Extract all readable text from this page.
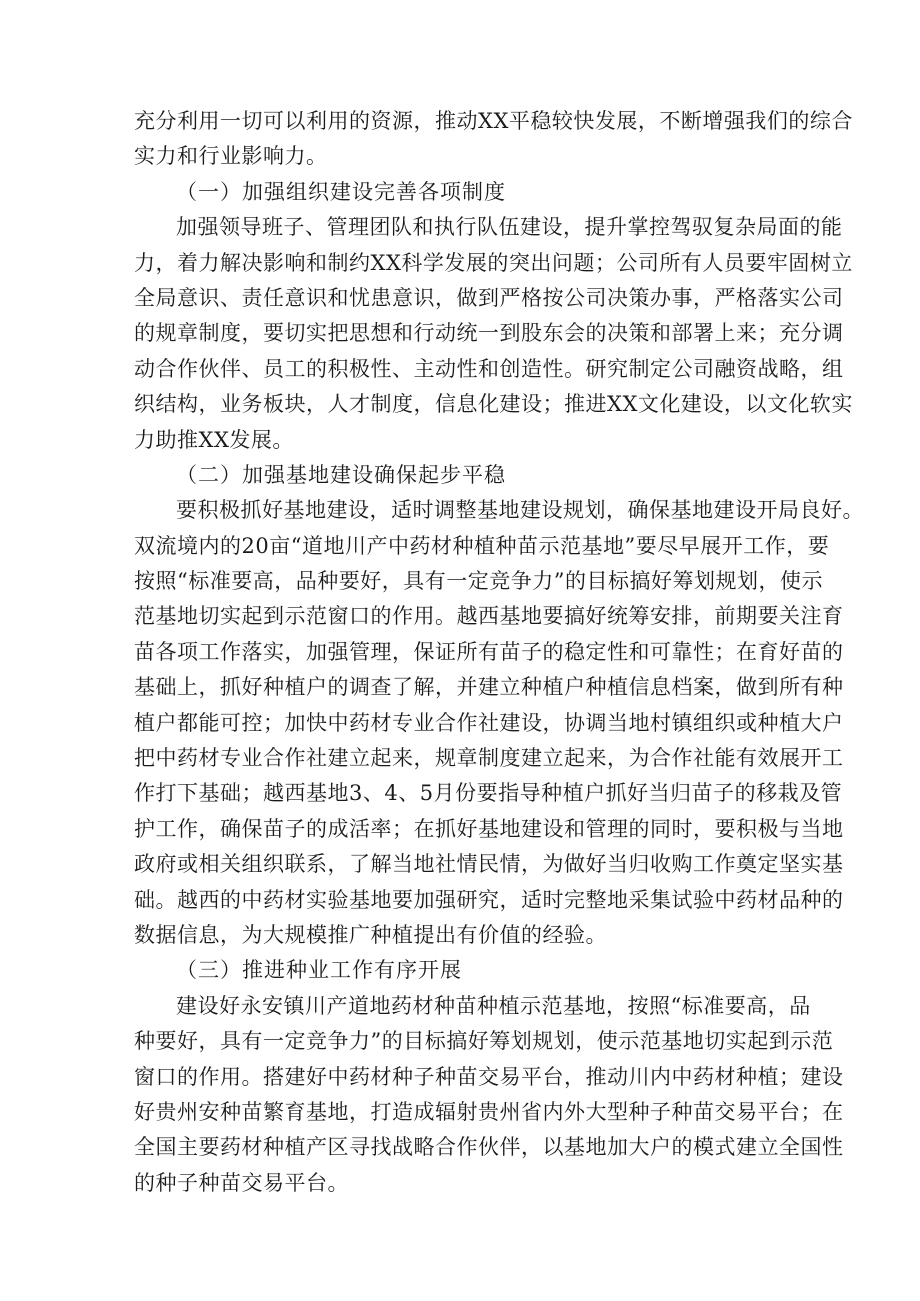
充分利用一切可以利用的资源，推动XX平稳较快发展，不断增强我们的综合
实力和行业影响力。
（一）加强组织建设完善各项制度
加强领导班子、管理团队和执行队伍建设，提升掌控驾驭复杂局面的能
力，着力解决影响和制约XX科学发展的突出问题；公司所有人员要牢固树立
全局意识、责任意识和忧患意识，做到严格按公司决策办事，严格落实公司
的规章制度，要切实把思想和行动统一到股东会的决策和部署上来；充分调
动合作伙伴、员工的积极性、主动性和创造性。研究制定公司融资战略，组
织结构，业务板块，人才制度，信息化建设；推进XX文化建设，以文化软实
力助推XX发展。
（二）加强基地建设确保起步平稳
要积极抓好基地建设，适时调整基地建设规划，确保基地建设开局良好。
双流境内的20亩“道地川产中药材种植种苗示范基地”要尽早展开工作，要
按照“标准要高，品种要好，具有一定竞争力”的目标搞好筹划规划，使示
范基地切实起到示范窗口的作用。越西基地要搞好统筹安排，前期要关注育
苗各项工作落实，加强管理，保证所有苗子的稳定性和可靠性；在育好苗的
基础上，抓好种植户的调查了解，并建立种植户种植信息档案，做到所有种
植户都能可控；加快中药材专业合作社建设，协调当地村镇组织或种植大户
把中药材专业合作社建立起来，规章制度建立起来，为合作社能有效展开工
作打下基础；越西基地3、4、5月份要指导种植户抓好当归苗子的移栽及管
护工作，确保苗子的成活率；在抓好基地建设和管理的同时，要积极与当地
政府或相关组织联系，了解当地社情民情，为做好当归收购工作奠定坚实基
础。越西的中药材实验基地要加强研究，适时完整地采集试验中药材品种的
数据信息，为大规模推广种植提出有价值的经验。
（三）推进种业工作有序开展
建设好永安镇川产道地药材种苗种植示范基地，按照“标准要高，品
种要好，具有一定竞争力”的目标搞好筹划规划，使示范基地切实起到示范
窗口的作用。搭建好中药材种子种苗交易平台，推动川内中药材种植；建设
好贵州安种苗繁育基地，打造成辐射贵州省内外大型种子种苗交易平台；在
全国主要药材种植产区寻找战略合作伙伴，以基地加大户的模式建立全国性
的种子种苗交易平台。
